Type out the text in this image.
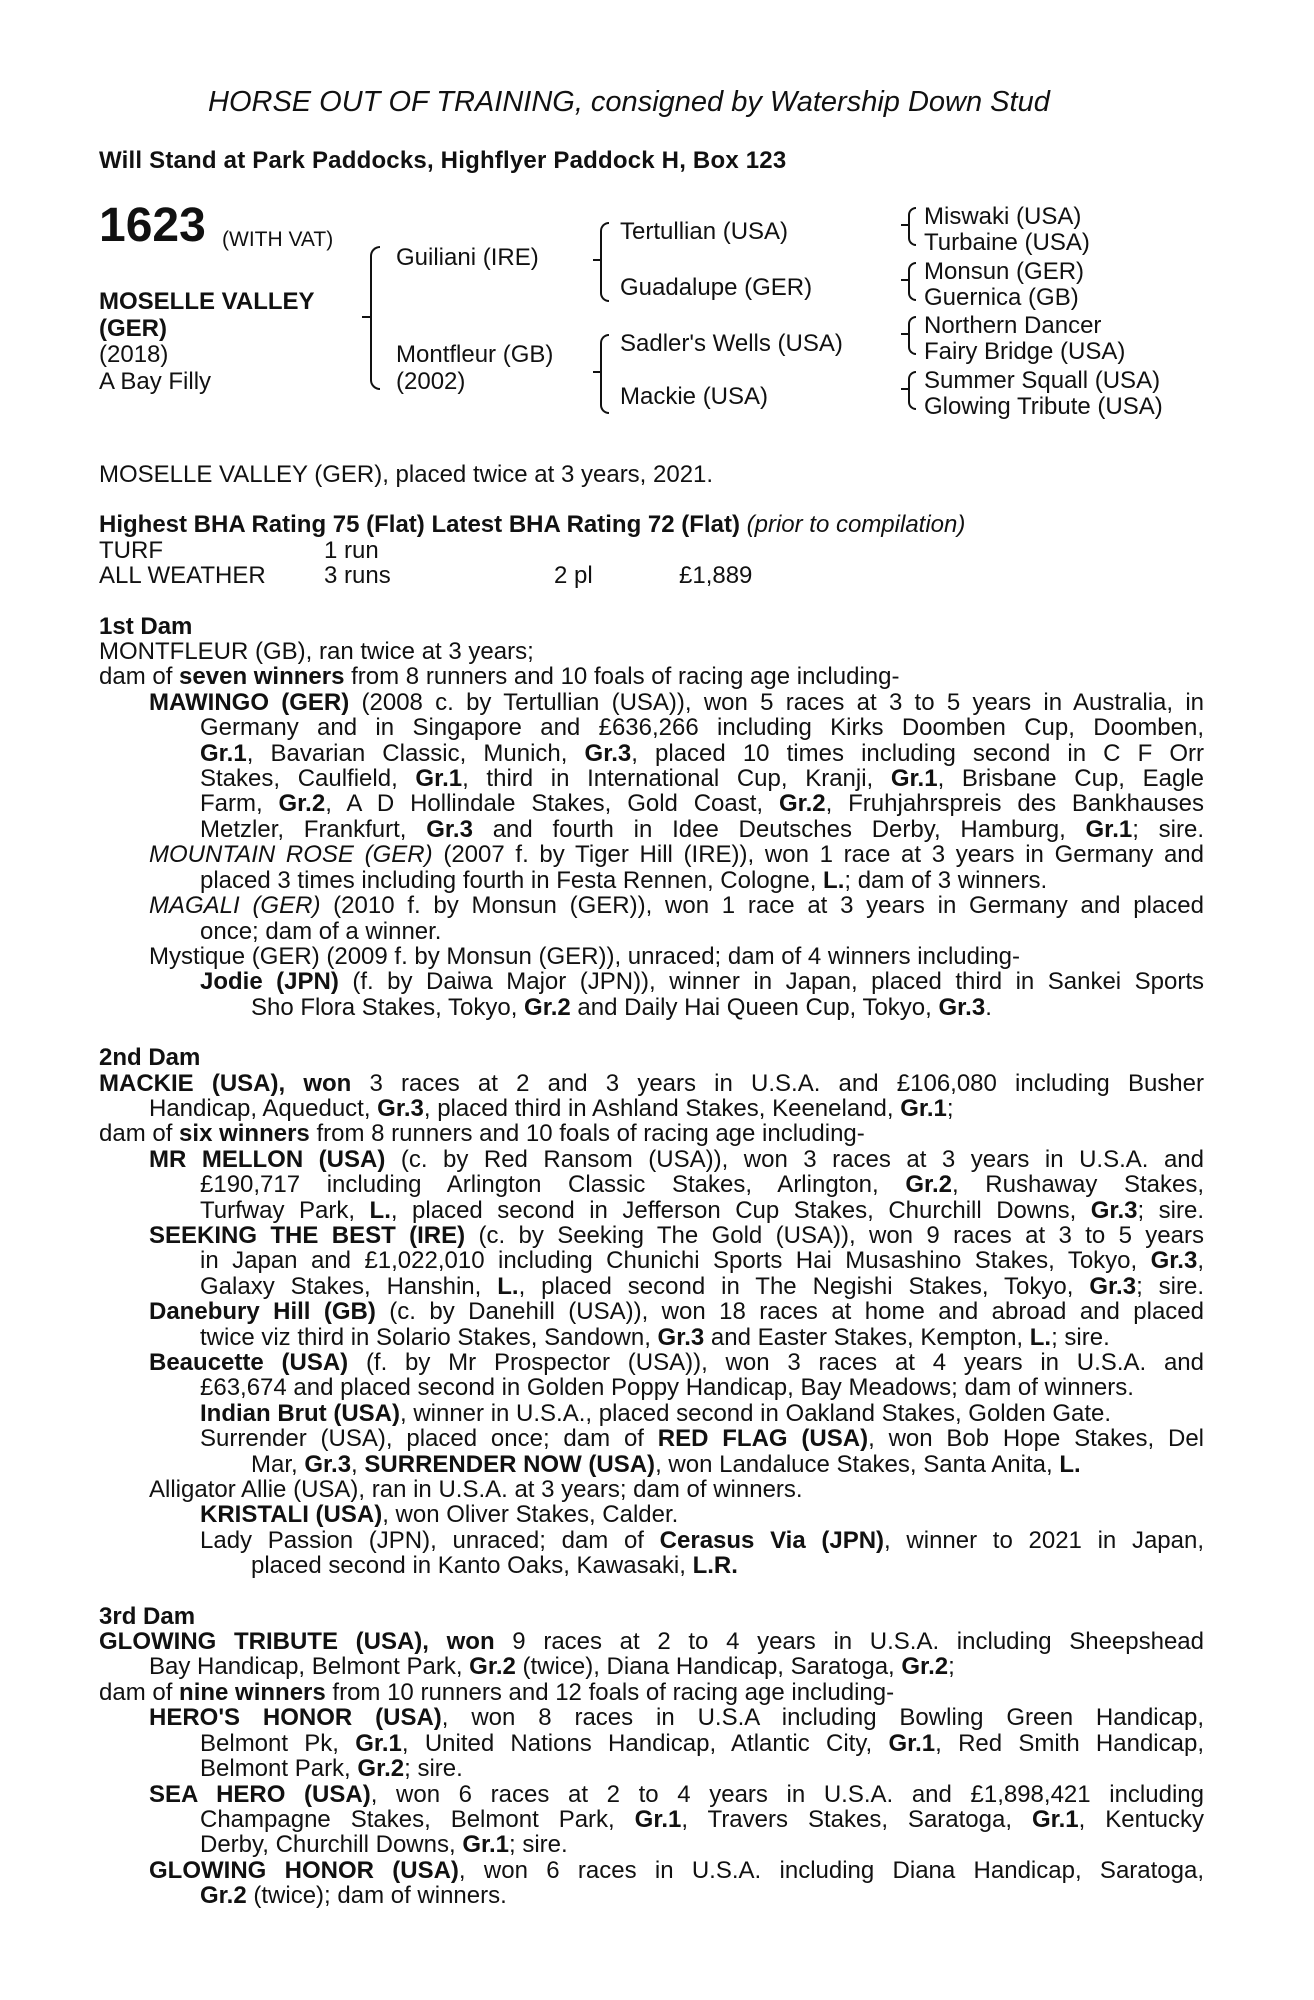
HORSE OUT OF TRAINING, consigned by Watership Down Stud
Will Stand at Park Paddocks, Highflyer Paddock H, Box 123
1623 (WITH VAT)
MOSELLE VALLEY
(GER)
(2018)
A Bay Filly
Guiliani (IRE)
Montfleur (GB)
(2002)
Tertullian (USA)
Guadalupe (GER)
Sadler's Wells (USA)
Mackie (USA)
Miswaki (USA)
Turbaine (USA)
Monsun (GER)
Guernica (GB)
Northern Dancer
Fairy Bridge (USA)
Summer Squall (USA)
Glowing Tribute (USA)
MOSELLE VALLEY (GER), placed twice at 3 years, 2021.
Highest BHA Rating 75 (Flat) Latest BHA Rating 72 (Flat) (prior to compilation)
TURF	1 run
ALL WEATHER 3 runs	2 pl	£1,889
1st Dam
MONTFLEUR (GB), ran twice at 3 years;
dam of seven winners from 8 runners and 10 foals of racing age including-
MAWINGO (GER) (2008 c. by Tertullian (USA)), won 5 races at 3 to 5 years in Australia, in
Germany and in Singapore and £636,266 including Kirks Doomben Cup, Doomben,
Gr.1, Bavarian Classic, Munich, Gr.3, placed 10 times including second in C F Orr
Stakes, Caulfield, Gr.1, third in International Cup, Kranji, Gr.1, Brisbane Cup, Eagle
Farm, Gr.2, A D Hollindale Stakes, Gold Coast, Gr.2, Fruhjahrspreis des Bankhauses
Metzler, Frankfurt, Gr.3 and fourth in Idee Deutsches Derby, Hamburg, Gr.1; sire.
MOUNTAIN ROSE (GER) (2007 f. by Tiger Hill (IRE)), won 1 race at 3 years in Germany and
placed 3 times including fourth in Festa Rennen, Cologne, L.; dam of 3 winners.
MAGALI (GER) (2010 f. by Monsun (GER)), won 1 race at 3 years in Germany and placed
once; dam of a winner.
Mystique (GER) (2009 f. by Monsun (GER)), unraced; dam of 4 winners including-
Jodie (JPN) (f. by Daiwa Major (JPN)), winner in Japan, placed third in Sankei Sports
Sho Flora Stakes, Tokyo, Gr.2 and Daily Hai Queen Cup, Tokyo, Gr.3.
2nd Dam
MACKIE (USA), won 3 races at 2 and 3 years in U.S.A. and £106,080 including Busher
Handicap, Aqueduct, Gr.3, placed third in Ashland Stakes, Keeneland, Gr.1;
dam of six winners from 8 runners and 10 foals of racing age including-
MR MELLON (USA) (c. by Red Ransom (USA)), won 3 races at 3 years in U.S.A. and
£190,717 including Arlington Classic Stakes, Arlington, Gr.2, Rushaway Stakes,
Turfway Park, L., placed second in Jefferson Cup Stakes, Churchill Downs, Gr.3; sire.
SEEKING THE BEST (IRE) (c. by Seeking The Gold (USA)), won 9 races at 3 to 5 years
in Japan and £1,022,010 including Chunichi Sports Hai Musashino Stakes, Tokyo, Gr.3,
Galaxy Stakes, Hanshin, L., placed second in The Negishi Stakes, Tokyo, Gr.3; sire.
Danebury Hill (GB) (c. by Danehill (USA)), won 18 races at home and abroad and placed
twice viz third in Solario Stakes, Sandown, Gr.3 and Easter Stakes, Kempton, L.; sire.
Beaucette (USA) (f. by Mr Prospector (USA)), won 3 races at 4 years in U.S.A. and
£63,674 and placed second in Golden Poppy Handicap, Bay Meadows; dam of winners.
Indian Brut (USA), winner in U.S.A., placed second in Oakland Stakes, Golden Gate.
Surrender (USA), placed once; dam of RED FLAG (USA), won Bob Hope Stakes, Del
Mar, Gr.3, SURRENDER NOW (USA), won Landaluce Stakes, Santa Anita, L.
Alligator Allie (USA), ran in U.S.A. at 3 years; dam of winners.
KRISTALI (USA), won Oliver Stakes, Calder.
Lady Passion (JPN), unraced; dam of Cerasus Via (JPN), winner to 2021 in Japan,
placed second in Kanto Oaks, Kawasaki, L.R.
3rd Dam
GLOWING TRIBUTE (USA), won 9 races at 2 to 4 years in U.S.A. including Sheepshead
Bay Handicap, Belmont Park, Gr.2 (twice), Diana Handicap, Saratoga, Gr.2;
dam of nine winners from 10 runners and 12 foals of racing age including-
HERO'S HONOR (USA), won 8 races in U.S.A including Bowling Green Handicap,
Belmont Pk, Gr.1, United Nations Handicap, Atlantic City, Gr.1, Red Smith Handicap,
Belmont Park, Gr.2; sire.
SEA HERO (USA), won 6 races at 2 to 4 years in U.S.A. and £1,898,421 including
Champagne Stakes, Belmont Park, Gr.1, Travers Stakes, Saratoga, Gr.1, Kentucky
Derby, Churchill Downs, Gr.1; sire.
GLOWING HONOR (USA), won 6 races in U.S.A. including Diana Handicap, Saratoga,
Gr.2 (twice); dam of winners.
